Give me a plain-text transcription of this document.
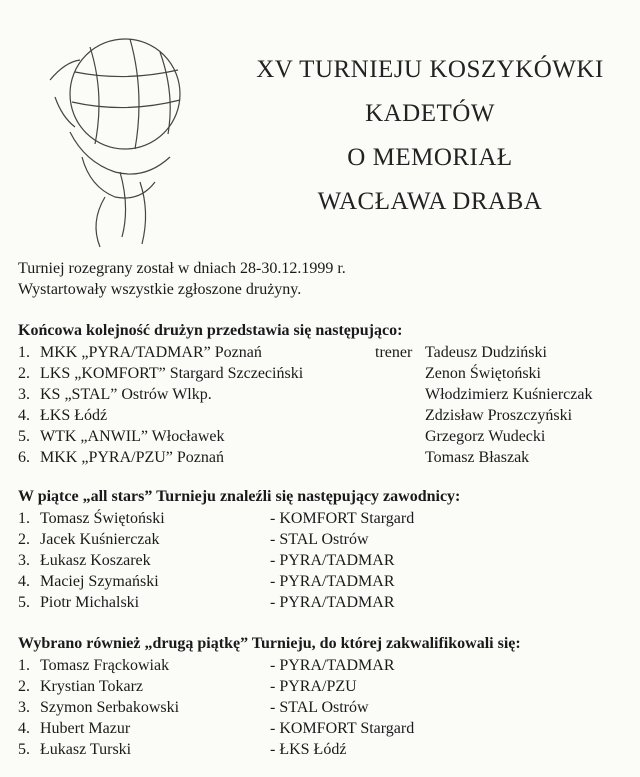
XV TURNIEJU KOSZYKÓWKI
KADETÓW
O MEMORIAŁ
WACŁAWA DRABA
Turniej rozegrany został w dniach 28-30.12.1999 r.
Wystartowały wszystkie zgłoszone drużyny.
Końcowa kolejność drużyn przedstawia się następująco:
1. MKK „PYRA/TADMAR” Poznań	trener Tadeusz Dudziński
2. LKS „KOMFORT” Stargard Szczeciński	Zenon Świętoński
3. KS „STAL” Ostrów Wlkp.	Włodzimierz Kuśnierczak
4. ŁKS Łódź	Zdzisław Proszczyński
5. WTK „ANWIL” Włocławek	Grzegorz Wudecki
6. MKK „PYRA/PZU” Poznań	Tomasz Błaszak
W piątce „all stars” Turnieju znaleźli się następujący zawodnicy:
1. Tomasz Świętoński	- KOMFORT Stargard
2. Jacek Kuśnierczak	- STAL Ostrów
3. Łukasz Koszarek	- PYRA/TADMAR
4. Maciej Szymański	- PYRA/TADMAR
5. Piotr Michalski	- PYRA/TADMAR
Wybrano również „drugą piątkę” Turnieju, do której zakwalifikowali się:
1. Tomasz Frąckowiak	- PYRA/TADMAR
2. Krystian Tokarz	- PYRA/PZU
3. Szymon Serbakowski	- STAL Ostrów
4. Hubert Mazur	- KOMFORT Stargard
5. Łukasz Turski	- ŁKS Łódź
